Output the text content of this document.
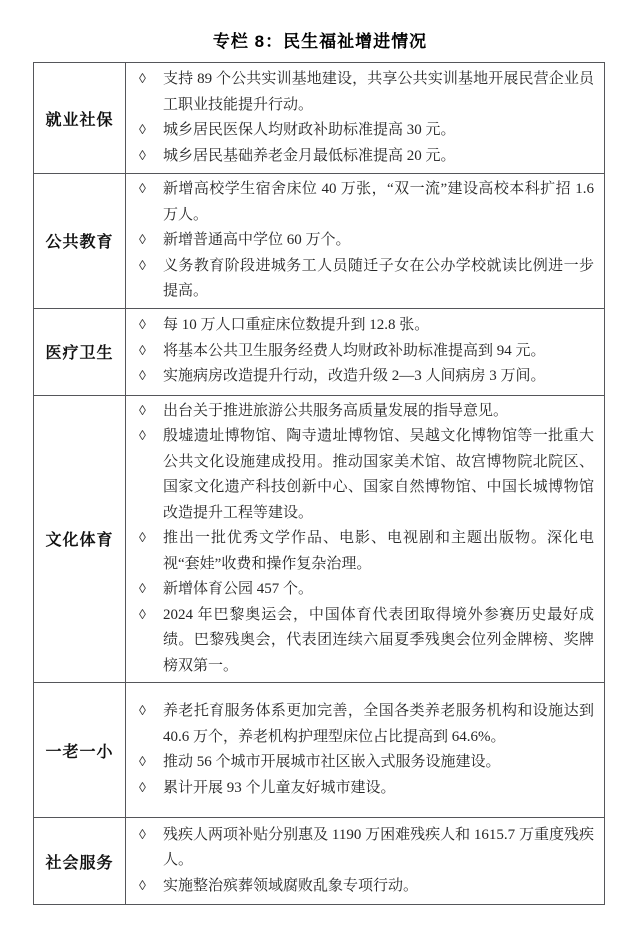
专栏 8：民生福祉增进情况
就业社保	
◊	支持 89 个公共实训基地建设，共享公共实训基地开展民营企业员工职业技能提升行动。
◊	城乡居民医保人均财政补助标准提高 30 元。
◊	城乡居民基础养老金月最低标准提高 20 元。

公共教育	
◊	新增高校学生宿舍床位 40 万张，“双一流”建设高校本科扩招 1.6 万人。
◊	新增普通高中学位 60 万个。
◊	义务教育阶段进城务工人员随迁子女在公办学校就读比例进一步提高。

医疗卫生	
◊	每 10 万人口重症床位数提升到 12.8 张。
◊	将基本公共卫生服务经费人均财政补助标准提高到 94 元。
◊	实施病房改造提升行动，改造升级 2—3 人间病房 3 万间。

文化体育	
◊	出台关于推进旅游公共服务高质量发展的指导意见。
◊	殷墟遗址博物馆、陶寺遗址博物馆、吴越文化博物馆等一批重大公共文化设施建成投用。推动国家美术馆、故宫博物院北院区、国家文化遗产科技创新中心、国家自然博物馆、中国长城博物馆改造提升工程等建设。
◊	推出一批优秀文学作品、电影、电视剧和主题出版物。深化电视“套娃”收费和操作复杂治理。
◊	新增体育公园 457 个。
◊	2024 年巴黎奥运会，中国体育代表团取得境外参赛历史最好成绩。巴黎残奥会，代表团连续六届夏季残奥会位列金牌榜、奖牌榜双第一。

一老一小	
◊	养老托育服务体系更加完善，全国各类养老服务机构和设施达到 40.6 万个，养老机构护理型床位占比提高到 64.6%。
◊	推动 56 个城市开展城市社区嵌入式服务设施建设。
◊	累计开展 93 个儿童友好城市建设。

社会服务	◊ 残疾人两项补贴分别惠及 1190 万困难残疾人和 1615.7 万重度残疾人。
◊ 实施整治殡葬领域腐败乱象专项行动。
